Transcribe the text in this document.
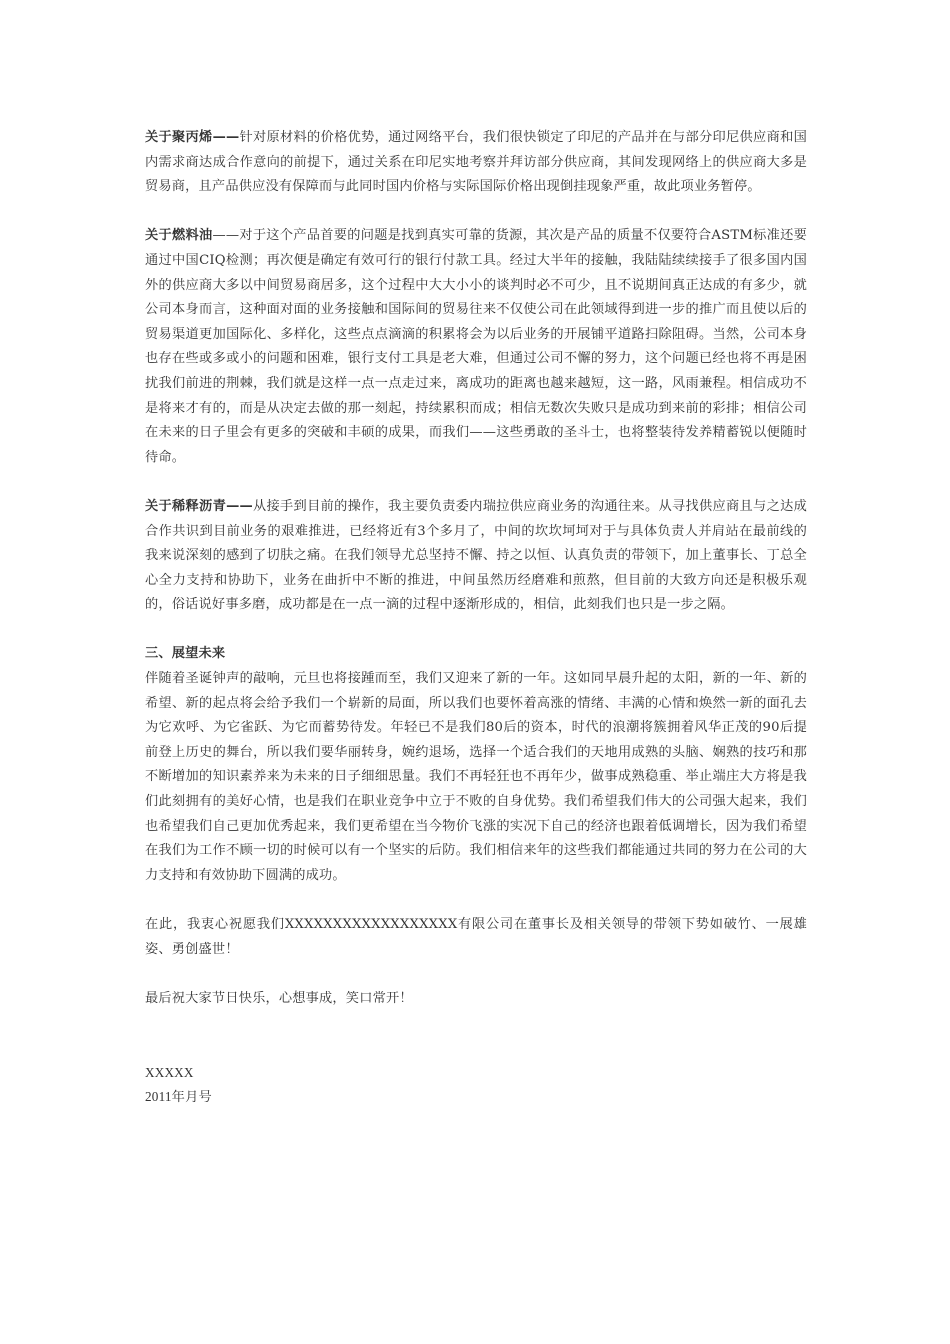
关于聚丙烯——针对原材料的价格优势，通过网络平台，我们很快锁定了印尼的产品并在与部分印尼供应商和国内需求商达成合作意向的前提下，通过关系在印尼实地考察并拜访部分供应商，其间发现网络上的供应商大多是贸易商，且产品供应没有保障而与此同时国内价格与实际国际价格出现倒挂现象严重，故此项业务暂停。

关于燃料油——对于这个产品首要的问题是找到真实可靠的货源，其次是产品的质量不仅要符合ASTM标准还要通过中国CIQ检测；再次便是确定有效可行的银行付款工具。经过大半年的接触，我陆陆续续接手了很多国内国外的供应商大多以中间贸易商居多，这个过程中大大小小的谈判时必不可少，且不说期间真正达成的有多少，就公司本身而言，这种面对面的业务接触和国际间的贸易往来不仅使公司在此领域得到进一步的推广而且使以后的贸易渠道更加国际化、多样化，这些点点滴滴的积累将会为以后业务的开展铺平道路扫除阻碍。当然，公司本身也存在些或多或小的问题和困难，银行支付工具是老大难，但通过公司不懈的努力，这个问题已经也将不再是困扰我们前进的荆棘，我们就是这样一点一点走过来，离成功的距离也越来越短，这一路，风雨兼程。相信成功不是将来才有的，而是从决定去做的那一刻起，持续累积而成；相信无数次失败只是成功到来前的彩排；相信公司在未来的日子里会有更多的突破和丰硕的成果，而我们——这些勇敢的圣斗士，也将整装待发养精蓄锐以便随时待命。

关于稀释沥青——从接手到目前的操作，我主要负责委内瑞拉供应商业务的沟通往来。从寻找供应商且与之达成合作共识到目前业务的艰难推进，已经将近有3个多月了，中间的坎坎坷坷对于与具体负责人并肩站在最前线的我来说深刻的感到了切肤之痛。在我们领导尤总坚持不懈、持之以恒、认真负责的带领下，加上董事长、丁总全心全力支持和协助下，业务在曲折中不断的推进，中间虽然历经磨难和煎熬，但目前的大致方向还是积极乐观的，俗话说好事多磨，成功都是在一点一滴的过程中逐渐形成的，相信，此刻我们也只是一步之隔。

三、展望未来

伴随着圣诞钟声的敲响，元旦也将接踵而至，我们又迎来了新的一年。这如同早晨升起的太阳，新的一年、新的希望、新的起点将会给予我们一个崭新的局面，所以我们也要怀着高涨的情绪、丰满的心情和焕然一新的面孔去为它欢呼、为它雀跃、为它而蓄势待发。年轻已不是我们80后的资本，时代的浪潮将簇拥着风华正茂的90后提前登上历史的舞台，所以我们要华丽转身，婉约退场，选择一个适合我们的天地用成熟的头脑、娴熟的技巧和那不断增加的知识素养来为未来的日子细细思量。我们不再轻狂也不再年少，做事成熟稳重、举止端庄大方将是我们此刻拥有的美好心情，也是我们在职业竞争中立于不败的自身优势。我们希望我们伟大的公司强大起来，我们也希望我们自己更加优秀起来，我们更希望在当今物价飞涨的实况下自己的经济也跟着低调增长，因为我们希望在我们为工作不顾一切的时候可以有一个坚实的后防。我们相信来年的这些我们都能通过共同的努力在公司的大力支持和有效协助下圆满的成功。

在此，我衷心祝愿我们XXXXXXXXXXXXXXXXXX有限公司在董事长及相关领导的带领下势如破竹、一展雄姿、勇创盛世！

最后祝大家节日快乐，心想事成，笑口常开！

XXXXX

2011年月号
